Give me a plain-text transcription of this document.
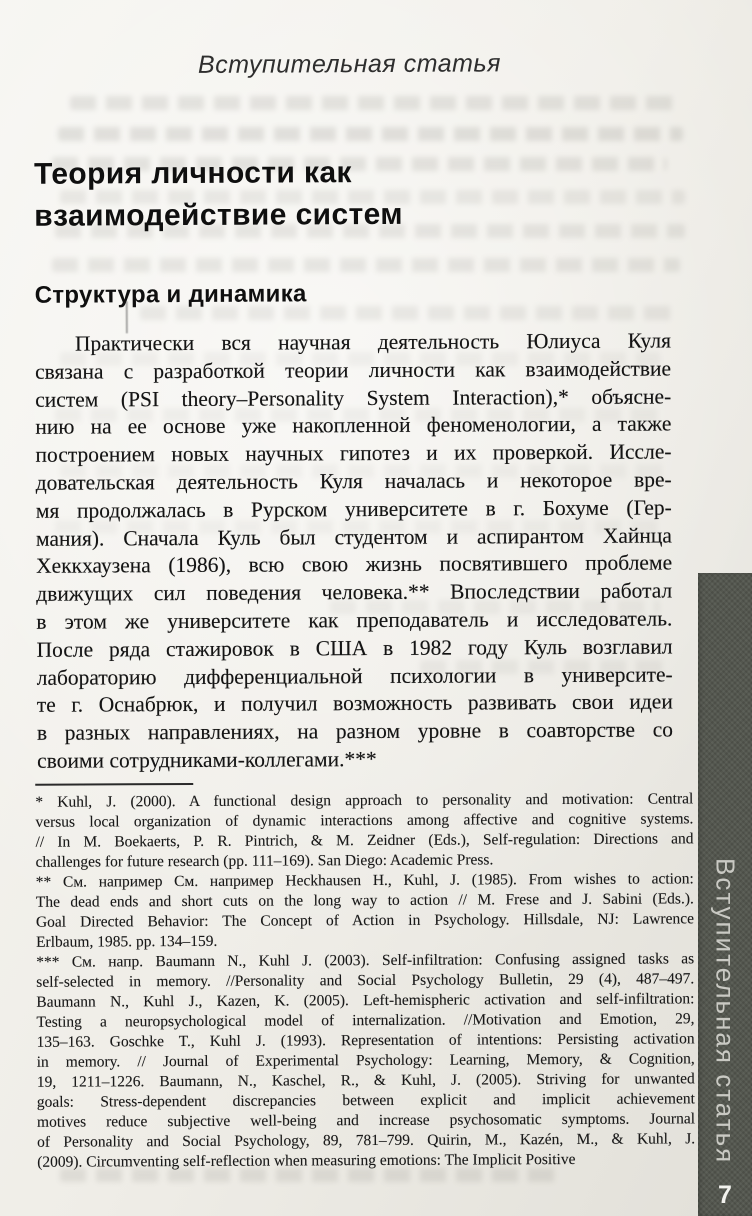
Вступительная статья
Теория личности как
взаимодействие систем
Структура и динамика
Практически вся научная деятельность Юлиуса Куля
связана с разработкой теории личности как взаимодействие
систем (PSI theory–Personality System Interaction),* объясне-
нию на ее основе уже накопленной феноменологии, а также
построением новых научных гипотез и их проверкой. Иссле-
довательская деятельность Куля началась и некоторое вре-
мя продолжалась в Рурском университете в г. Бохуме (Гер-
мания). Сначала Куль был студентом и аспирантом Хайнца
Хеккхаузена (1986), всю свою жизнь посвятившего проблеме
движущих сил поведения человека.** Впоследствии работал
в этом же университете как преподаватель и исследователь.
После ряда стажировок в США в 1982 году Куль возглавил
лабораторию дифференциальной психологии в университе-
те г. Оснабрюк, и получил возможность развивать свои идеи
в разных направлениях, на разном уровне в соавторстве со
своими сотрудниками-коллегами.***
* Kuhl, J. (2000). A functional design approach to personality and motivation: Central
versus local organization of dynamic interactions among affective and cognitive systems.
// In M. Boekaerts, P. R. Pintrich, & M. Zeidner (Eds.), Self-regulation: Directions and
challenges for future research (pp. 111–169). San Diego: Academic Press.
** См. например См. например Heckhausen H., Kuhl, J. (1985). From wishes to action:
The dead ends and short cuts on the long way to action // M. Frese and J. Sabini (Eds.).
Goal Directed Behavior: The Concept of Action in Psychology. Hillsdale, NJ: Lawrence
Erlbaum, 1985. pp. 134–159.
*** См. напр. Baumann N., Kuhl J. (2003). Self-infiltration: Confusing assigned tasks as
self-selected in memory. //Personality and Social Psychology Bulletin, 29 (4), 487–497.
Baumann N., Kuhl J., Kazen, K. (2005). Left-hemispheric activation and self-infiltration:
Testing a neuropsychological model of internalization. //Motivation and Emotion, 29,
135–163. Goschke T., Kuhl J. (1993). Representation of intentions: Persisting activation
in memory. // Journal of Experimental Psychology: Learning, Memory, & Cognition,
19, 1211–1226. Baumann, N., Kaschel, R., & Kuhl, J. (2005). Striving for unwanted
goals: Stress-dependent discrepancies between explicit and implicit achievement
motives reduce subjective well-being and increase psychosomatic symptoms. Journal
of Personality and Social Psychology, 89, 781–799. Quirin, M., Kazén, M., & Kuhl, J.
(2009). Circumventing self-reflection when measuring emotions: The Implicit Positive	Вступительная статья
7
